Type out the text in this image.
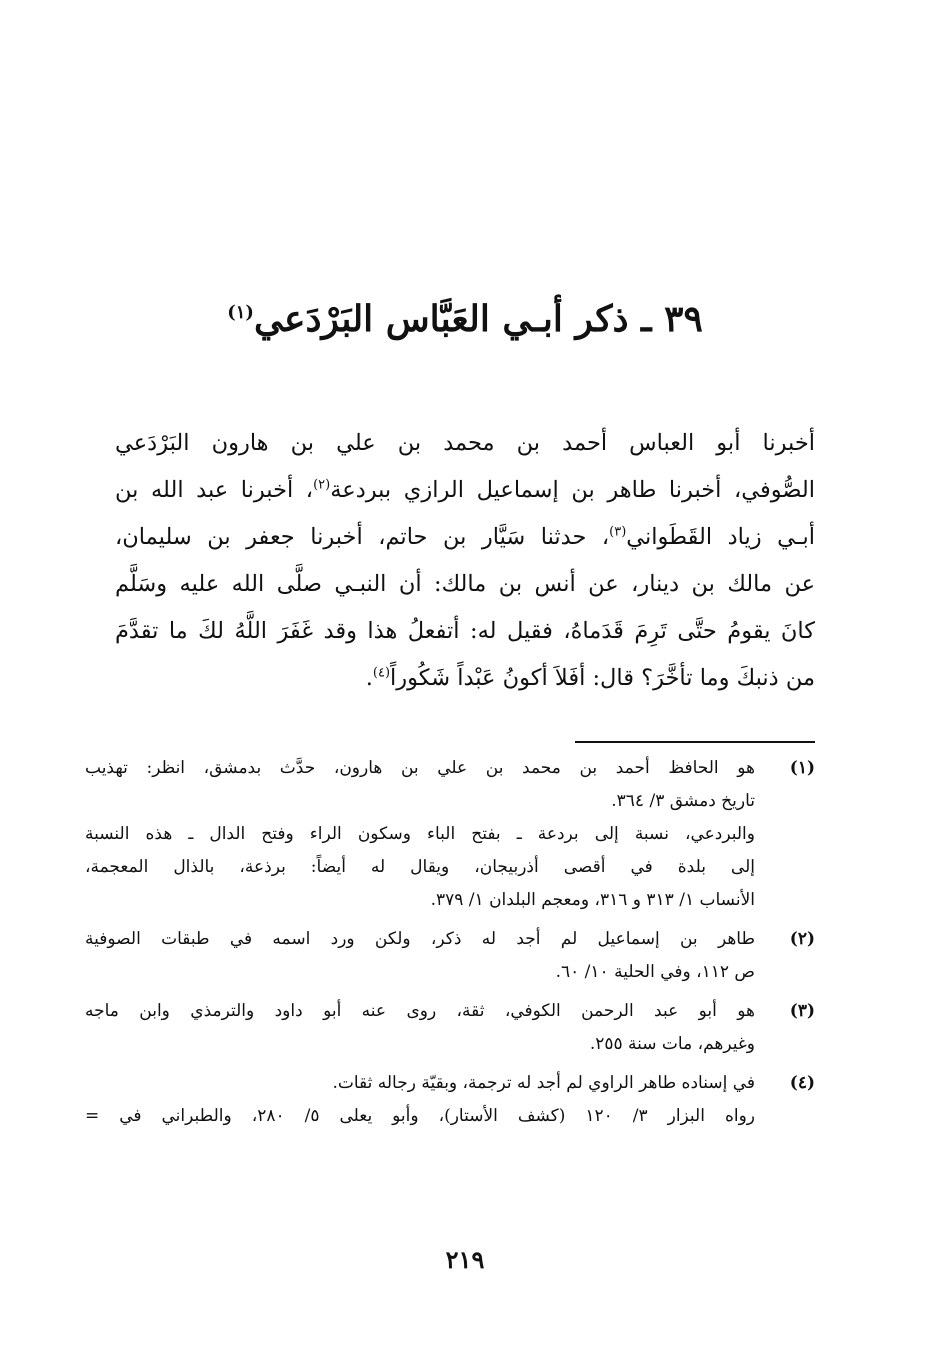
٣٩ ـ ذكر أبـي العَبَّاس البَرْدَعي$^{(١)}$
أخبرنا أبو العباس أحمد بن محمد بن علي بن هارون البَرْدَعي
الصُّوفي، أخبرنا طاهر بن إسماعيل الرازي ببردعة$^{(٢)}$، أخبرنا عبد الله بن
أبـي زياد القَطَواني$^{(٣)}$، حدثنا سَيَّار بن حاتم، أخبرنا جعفر بن سليمان،
عن مالك بن دينار، عن أنس بن مالك: أن النبـي صلَّى الله عليه وسَلَّم
كانَ يقومُ حتَّى تَرِمَ قَدَماهُ، فقيل له: أتفعلُ هذا وقد غَفَرَ اللَّهُ لكَ ما تقدَّمَ
من ذنبكَ وما تأخَّرَ؟ قال: أفَلاَ أكونُ عَبْداً شَكُوراً$^{(٤)}$.
(١)
هو الحافظ أحمد بن محمد بن علي بن هارون، حدَّث بدمشق، انظر: تهذيب
تاريخ دمشق ٣/ ٣٦٤.
والبردعي، نسبة إلى بردعة ـ بفتح الباء وسكون الراء وفتح الدال ـ هذه النسبة
إلى بلدة في أقصى أذربيجان، ويقال له أيضاً: برذعة، بالذال المعجمة،
الأنساب ١/ ٣١٣ و ٣١٦، ومعجم البلدان ١/ ٣٧٩.
(٢)
طاهر بن إسماعيل لم أجد له ذكر، ولكن ورد اسمه في طبقات الصوفية
ص ١١٢، وفي الحلية ١٠/ ٦٠.
(٣)
هو أبو عبد الرحمن الكوفي، ثقة، روى عنه أبو داود والترمذي وابن ماجه
وغيرهم، مات سنة ٢٥٥.
(٤)
في إسناده طاهر الراوي لم أجد له ترجمة، وبقيّة رجاله ثقات.
رواه البزار ٣/ ١٢٠ (كشف الأستار)، وأبو يعلى ٥/ ٢٨٠، والطبراني في =
٢١٩
